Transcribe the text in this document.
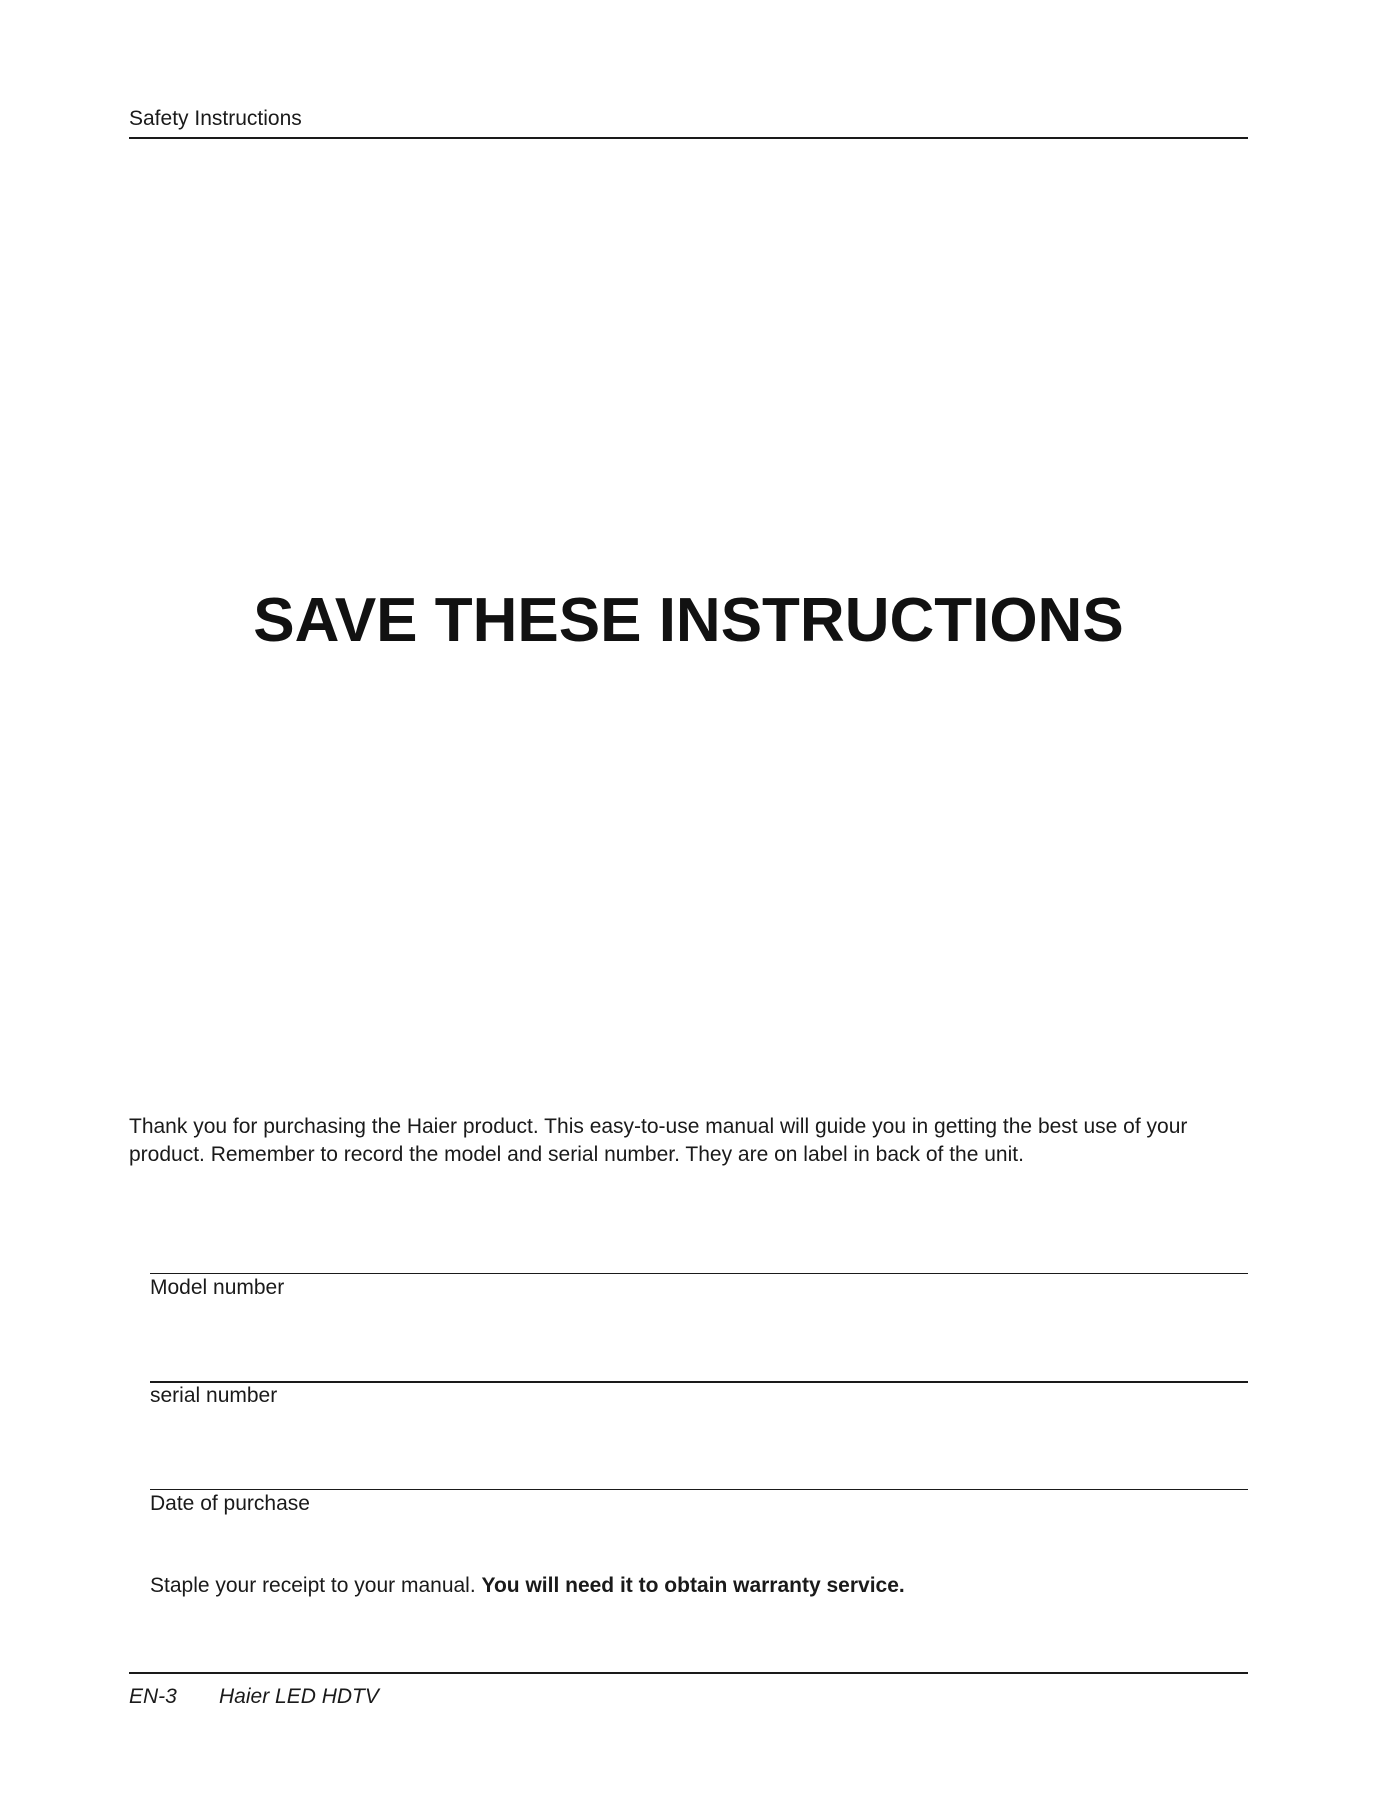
Safety Instructions
SAVE THESE INSTRUCTIONS

Thank you for purchasing the Haier product. This easy-to-use manual will guide you in getting the best use of your

product. Remember to record the model and serial number. They are on label in back of the unit.

Model number
serial number
Date of purchase
Staple your receipt to your manual. You will need it to obtain warranty service.
EN-3 Haier LED HDTV
